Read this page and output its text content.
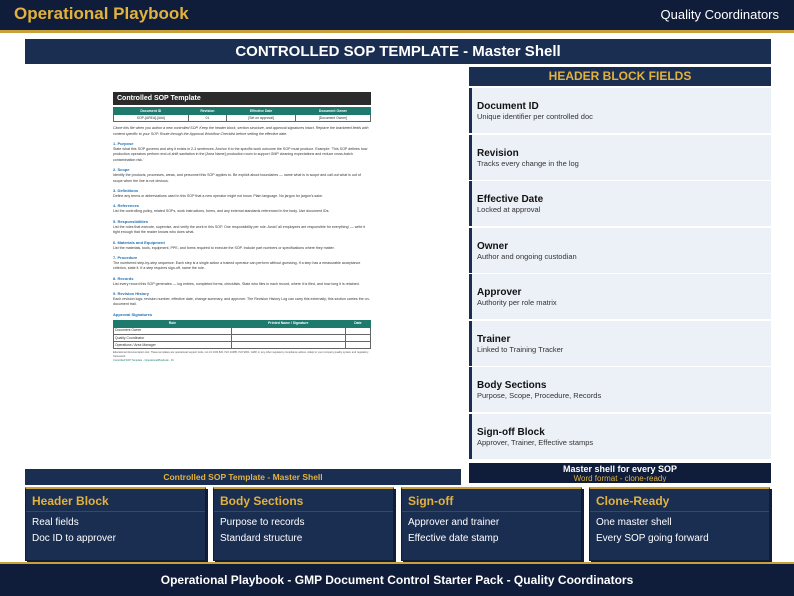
Operational Playbook	Quality Coordinators
CONTROLLED SOP TEMPLATE - Master Shell
Controlled SOP Template
Document ID	Revision	Effective Date	Document Owner
SOP-[AREA]-[###]	01	[Set on approval]	[Document Owner]
Clone this file when you author a new controlled SOP. Keep the header block, section structure, and approval signatures intact. Replace the bracketed fields with content specific to your SOP. Route through the Approval Workflow Checklist before setting the effective date.
1. Purpose
State what this SOP governs and why it exists in 2-3 sentences. Anchor it to the specific work outcome the SOP must produce. Example: 'This SOP defines how production operators perform end-of-shift sanitation in the [Area Name] production room to support GMP cleaning expectations and reduce cross-batch contamination risk.'
2. Scope
Identify the products, processes, areas, and personnel this SOP applies to. Be explicit about boundaries — name what is in scope and call out what is out of scope when the line is not obvious.
3. Definitions
Define any terms or abbreviations used in this SOP that a new operator might not know. Plain language. No jargon for jargon's sake.
4. References
List the controlling policy, related SOPs, work instructions, forms, and any external standards referenced in the body. Use document IDs.
5. Responsibilities
List the roles that execute, supervise, and verify the work in this SOP. One responsibility per role. Avoid 'all employees are responsible for everything' — write it tight enough that the reader knows who does what.
6. Materials and Equipment
List the materials, tools, equipment, PPE, and forms required to execute the SOP. Include part numbers or specifications where they matter.
7. Procedure
The numbered step-by-step sequence. Each step is a single action a trained operator can perform without guessing. If a step has a measurable acceptance criterion, state it. If a step requires sign-off, name the role.
8. Records
List every record this SOP generates — log entries, completed forms, checklists. State who files in each record, where it is filed, and how long it is retained.
9. Revision History
Each revision logs: revision number, effective date, change summary, and approver. The Revision History Log can carry this externally; this section carries the on-document trail.
Approval Signatures
Role	Printed Name / Signature	Date
Document Owner		
Quality Coordinator		
Operations / Area Manager		
Educational documentation tool. These templates are operational support tools, not 21 CFR 820, ISO 13485, ISO 9001, GMP, or any other regulatory compliance advice. Adapt to your company quality system and regulatory framework.
Controlled SOP Template - OperationalPlaybook - 01
Controlled SOP Template - Master Shell
HEADER BLOCK FIELDS
Document ID
Unique identifier per controlled doc
Revision
Tracks every change in the log
Effective Date
Locked at approval
Owner
Author and ongoing custodian
Approver
Authority per role matrix
Trainer
Linked to Training Tracker
Body Sections
Purpose, Scope, Procedure, Records
Sign-off Block
Approver, Trainer, Effective stamps
Master shell for every SOP
Word format - clone-ready
Header Block
Real fields
Doc ID to approver
Body Sections
Purpose to records
Standard structure
Sign-off
Approver and trainer
Effective date stamp
Clone-Ready
One master shell
Every SOP going forward
Operational Playbook - GMP Document Control Starter Pack - Quality Coordinators
